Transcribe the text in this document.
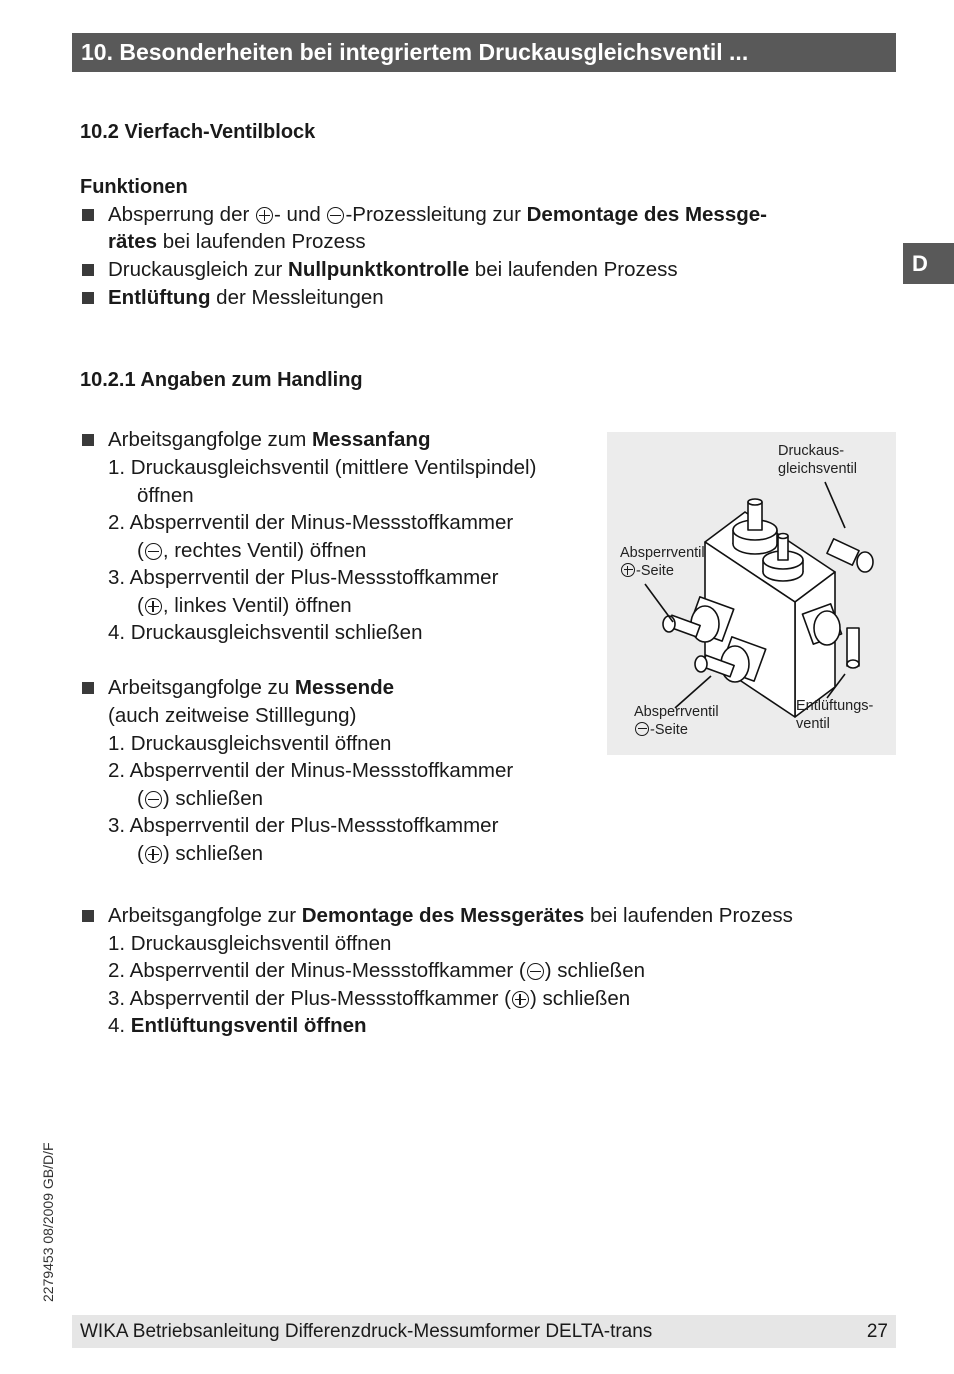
10. Besonderheiten bei integriertem Druckausgleichsventil ...
D
10.2 Vierfach-Ventilblock
Funktionen
Absperrung der - und -Prozessleitung zur Demontage des Messge-
rätes bei laufenden Prozess
Druckausgleich zur Nullpunktkontrolle bei laufenden Prozess
Entlüftung der Messleitungen
10.2.1 Angaben zum Handling
Arbeitsgangfolge zum Messanfang
1. Druckausgleichsventil (mittlere Ventilspindel)
öffnen
2. Absperrventil der Minus-Messstoffkammer
( , rechtes Ventil) öffnen
3. Absperrventil der Plus-Messstoffkammer
( , linkes Ventil) öffnen
4. Druckausgleichsventil schließen
Arbeitsgangfolge zu Messende
(auch zeitweise Stilllegung)
1. Druckausgleichsventil öffnen
2. Absperrventil der Minus-Messstoffkammer
( ) schließen
3. Absperrventil der Plus-Messstoffkammer
( ) schließen
Arbeitsgangfolge zur Demontage des Messgerätes bei laufenden Prozess
1. Druckausgleichsventil öffnen
2. Absperrventil der Minus-Messstoffkammer ( ) schließen
3. Absperrventil der Plus-Messstoffkammer ( ) schließen
4. Entlüftungsventil öffnen
Druckaus-
gleichsventil
Absperrventil
-Seite
Absperrventil
-Seite
Entlüftungs-
ventil
2279453 08/2009 GB/D/F
WIKA Betriebsanleitung Differenzdruck-Messumformer DELTA-trans	27
